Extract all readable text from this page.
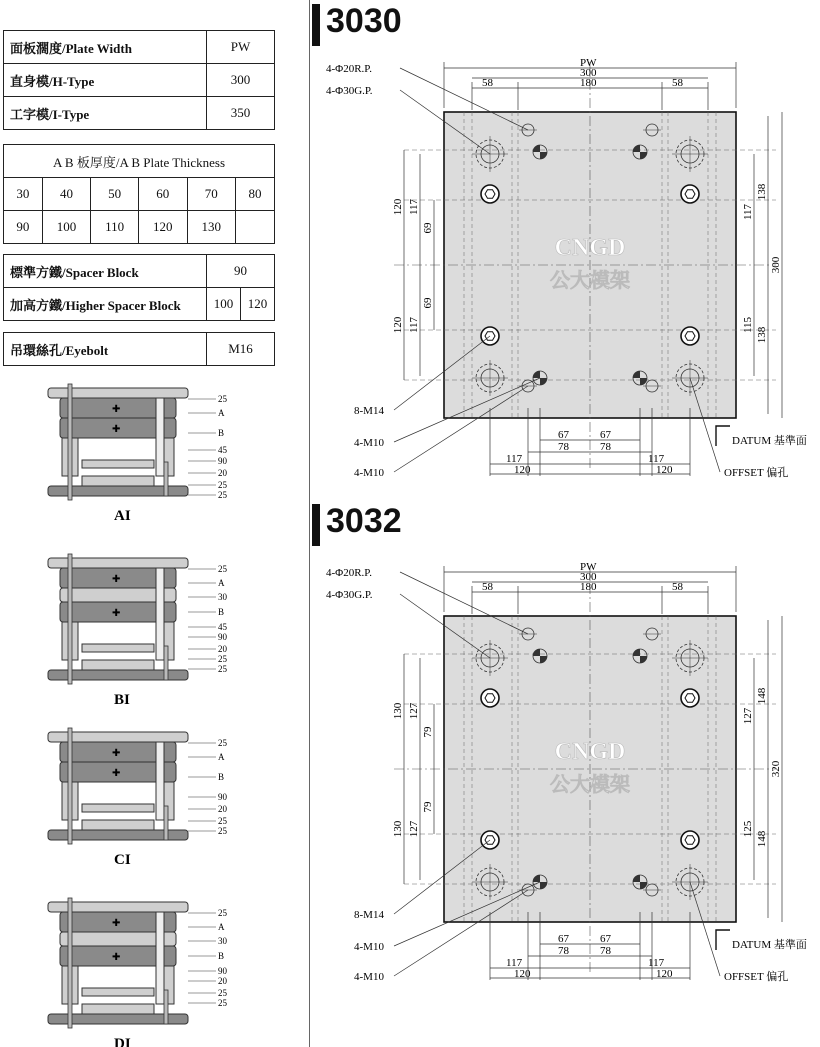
面板濶度/Plate Width	PW
直身模/H-Type	300
工字模/I-Type	350
A B 板厚度/A B Plate Thickness					
30	40	50	60	70	80
90	100	110	120	130	
標準方鐵/Spacer Block	90	
加高方鐵/Higher Spacer Block	100	120
吊環絲孔/Eyebolt	M16
✚
✚
25
A
B
45
90
20
25
25
AI
✚
✚
25
A
30
B
45
90
20
25
25
BI
✚
✚
25
A
B
90
20
25
25
CI
✚
✚
25
A
30
B
90
20
25
25
DI
3030
3032
CNGD
公大模架
PW
300
58	180	58
4-Φ20R.P.
4-Φ30G.P.
120 117
69
69
117
120
117
138
300
115
138
8-M14
4-M10
4-M10
67	67
78	78
117	117
120	120
DATUM 基準面
OFFSET 偏孔
CNGD
公大模架
PW
300
58	180	58
4-Φ20R.P.
4-Φ30G.P.
130 127
79
79
127
130
127
148
320
125
148
8-M14
4-M10
4-M10
67	67
78	78
117	117
120	120
DATUM 基準面
OFFSET 偏孔
